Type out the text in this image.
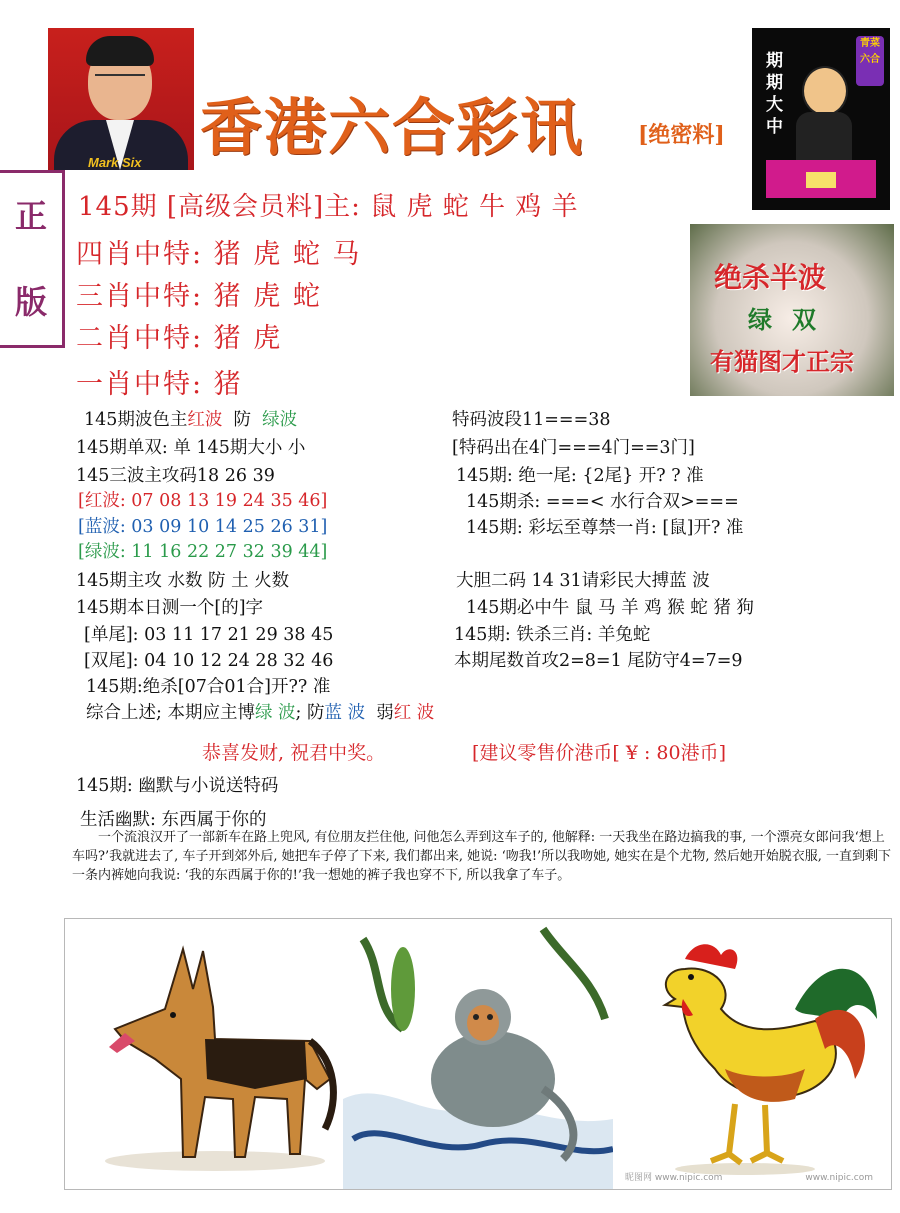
Mark Six 香港六合彩讯 [绝密料]
期期大中
青菜六合
正
版
145期 [高级会员料]主: 鼠 虎 蛇 牛 鸡 羊
四肖中特: 猪 虎 蛇 马
三肖中特: 猪 虎 蛇
二肖中特: 猪 虎
一肖中特: 猪
绝杀半波
绿双
有猫图才正宗
145期波色主红波  防  绿波
145期单双: 单 145期大小 小
145三波主攻码18 26 39
[红波: 07 08 13 19 24 35 46]
[蓝波: 03 09 10 14 25 26 31]
[绿波: 11 16 22 27 32 39 44]
145期主攻 水数 防 土 火数
145期本日测一个[的]字
[单尾]: 03 11 17 21 29 38 45
[双尾]: 04 10 12 24 28 32 46
145期:绝杀[07合01合]开?? 准
综合上述; 本期应主博绿 波; 防蓝 波  弱红 波
特码波段11===38
[特码出在4门===4门==3门]
145期: 绝一尾: {2尾} 开? ? 准
145期杀: ===< 水行合双>===
145期: 彩坛至尊禁一肖: [鼠]开? 准
大胆二码 14 31请彩民大搏蓝 波
145期必中牛 鼠 马 羊 鸡 猴 蛇 猪 狗
145期: 铁杀三肖: 羊兔蛇
本期尾数首攻2=8=1 尾防守4=7=9
恭喜发财, 祝君中奖。	[建议零售价港币[ ¥ : 80港币]
145期: 幽默与小说送特码
生活幽默: 东西属于你的
一个流浪汉开了一部新车在路上兜风, 有位朋友拦住他, 问他怎么弄到这车子的, 他解释: 一天我坐在路边搞我的事, 一个漂亮女郎问我‘想上车吗?’我就进去了, 车子开到郊外后, 她把车子停了下来, 我们都出来, 她说: ‘吻我!’所以我吻她, 她实在是个尤物, 然后她开始脱衣服, 一直到剩下一条内裤她向我说: ‘我的东西属于你的!’我一想她的裤子我也穿不下, 所以我拿了车子。
昵图网 www.nipic.com	www.nipic.com
